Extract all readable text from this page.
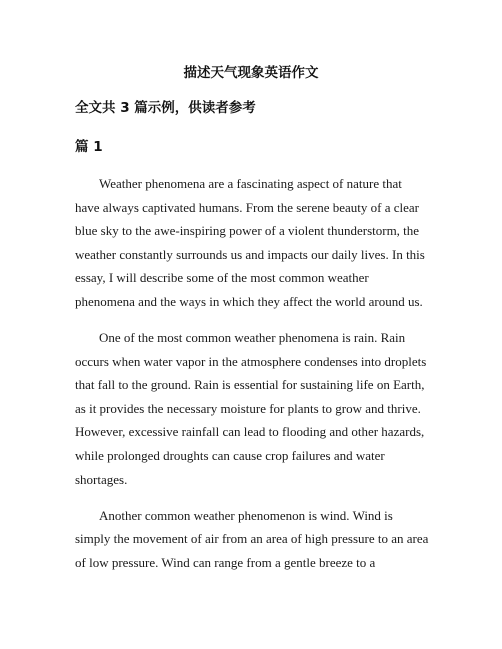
描述天气现象英语作文
全文共 3 篇示例，供读者参考
篇 1

Weather phenomena are a fascinating aspect of nature that have always captivated humans. From the serene beauty of a clear blue sky to the awe-inspiring power of a violent thunderstorm, the weather constantly surrounds us and impacts our daily lives. In this essay, I will describe some of the most common weather phenomena and the ways in which they affect the world around us.

One of the most common weather phenomena is rain. Rain occurs when water vapor in the atmosphere condenses into droplets that fall to the ground. Rain is essential for sustaining life on Earth, as it provides the necessary moisture for plants to grow and thrive. However, excessive rainfall can lead to flooding and other hazards, while prolonged droughts can cause crop failures and water shortages.

Another common weather phenomenon is wind. Wind is simply the movement of air from an area of high pressure to an area of low pressure. Wind can range from a gentle breeze to a
